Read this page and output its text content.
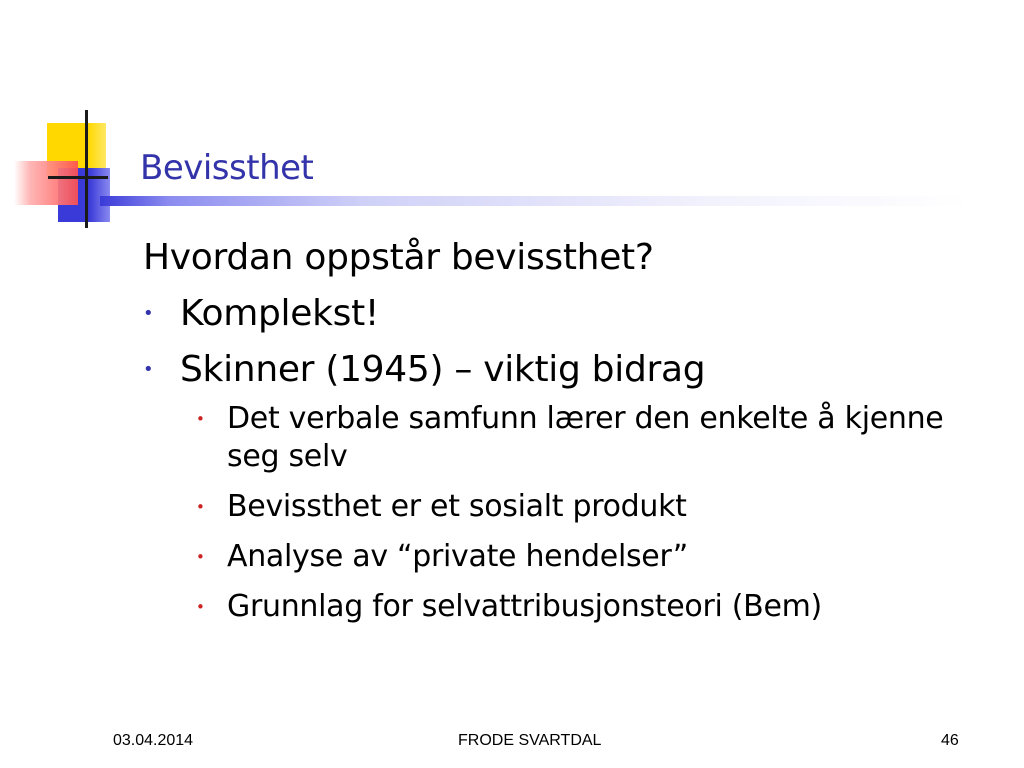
Bevissthet
Hvordan oppstår bevissthet?
• Komplekst!
• Skinner (1945) – viktig bidrag
• Det verbale samfunn lærer den enkelte å kjenne seg selv
• Bevissthet er et sosialt produkt
• Analyse av “private hendelser”
• Grunnlag for selvattribusjonsteori (Bem)
03.04.2014	FRODE SVARTDAL	46
